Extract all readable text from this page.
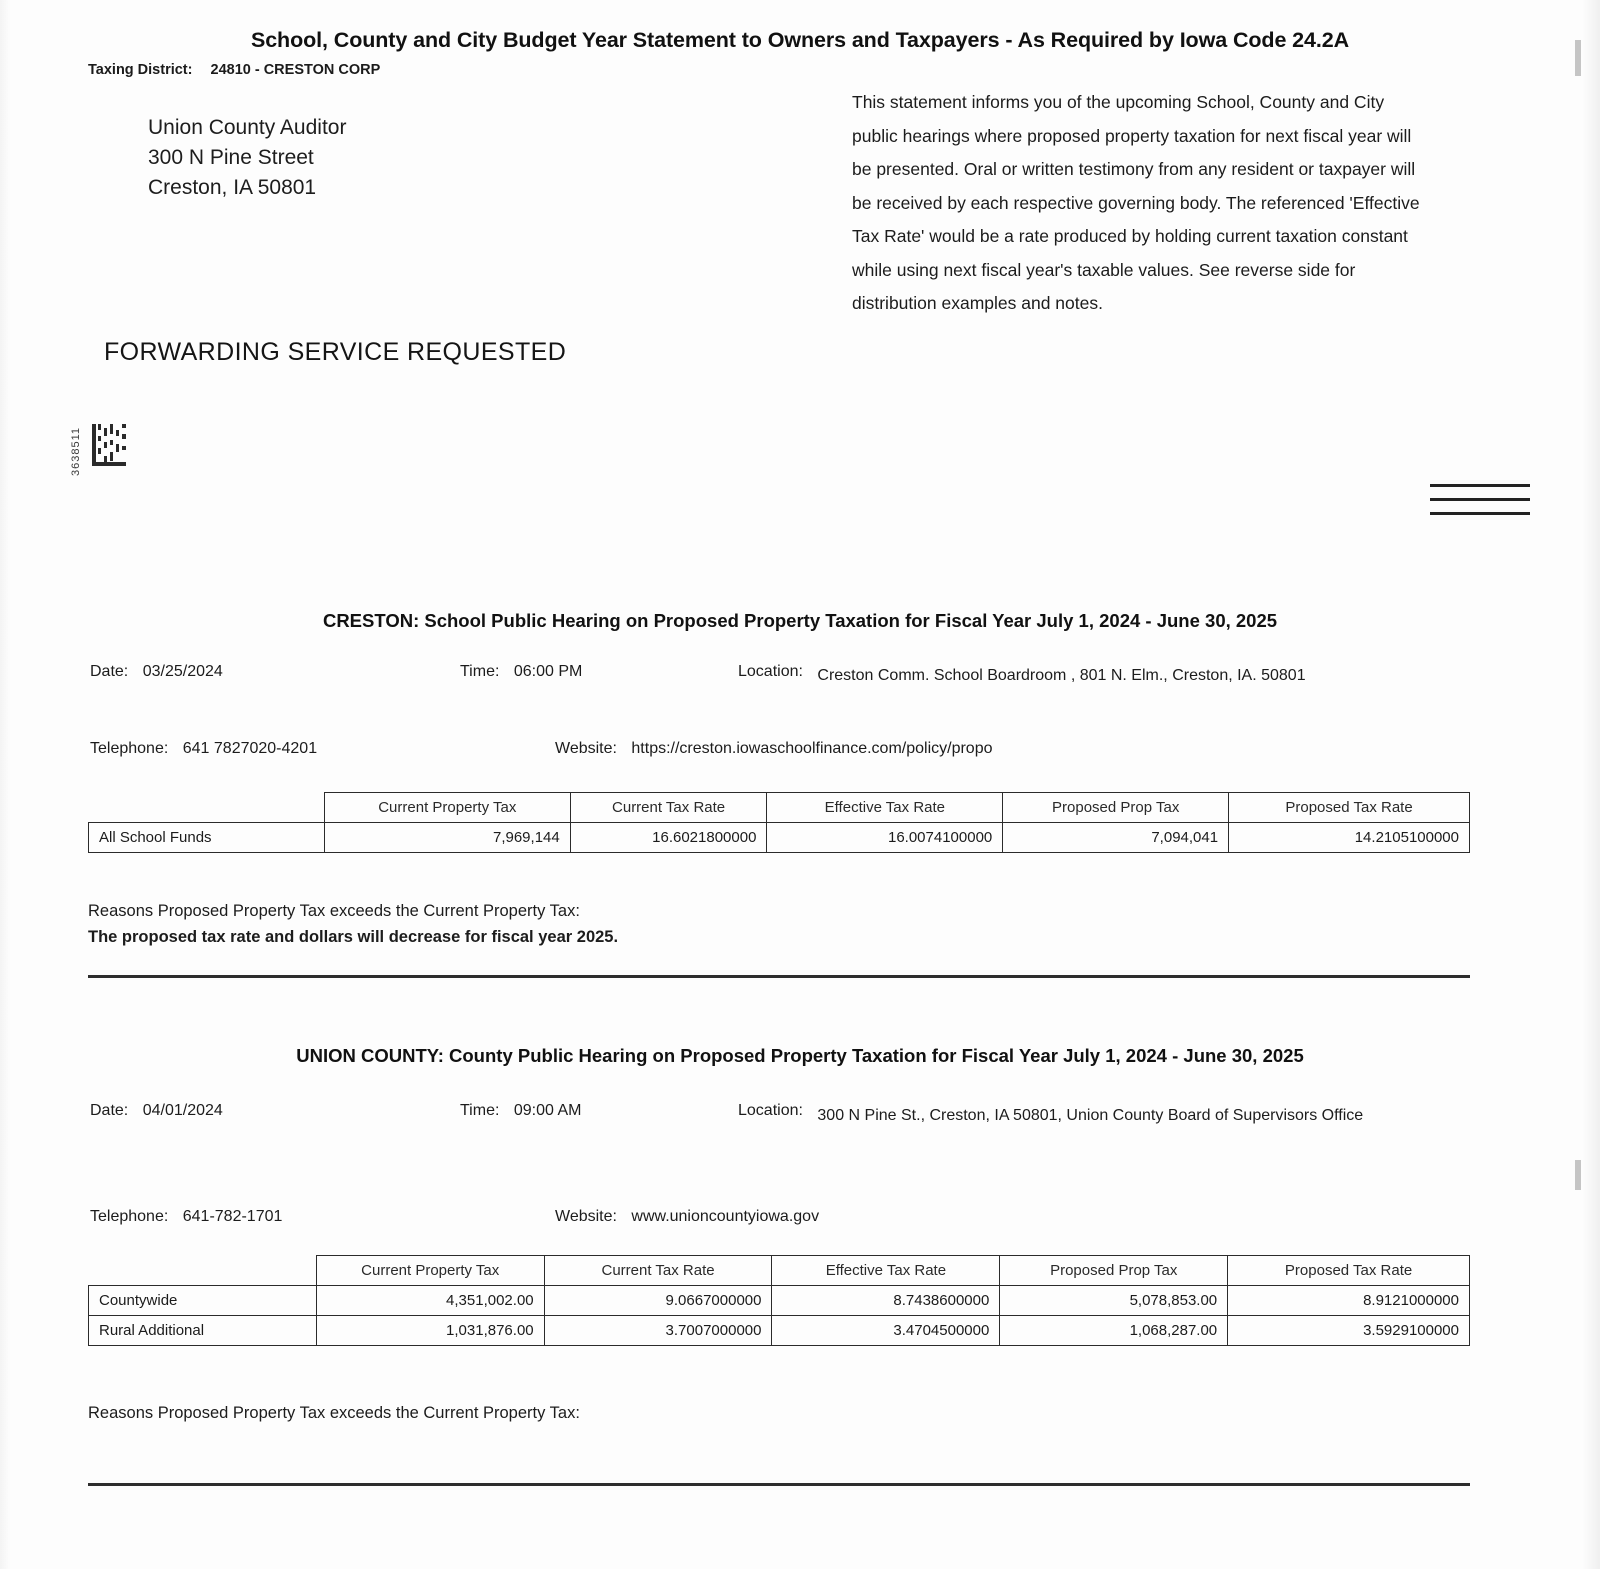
School, County and City Budget Year Statement to Owners and Taxpayers - As Required by Iowa Code 24.2A
Taxing District: 24810 - CRESTON CORP
Union County Auditor
300 N Pine Street
Creston, IA 50801
FORWARDING SERVICE REQUESTED
3638511
This statement informs you of the upcoming School, County and City public hearings where proposed property taxation for next fiscal year will be presented. Oral or written testimony from any resident or taxpayer will be received by each respective governing body. The referenced 'Effective Tax Rate' would be a rate produced by holding current taxation constant while using next fiscal year's taxable values. See reverse side for distribution examples and notes.
CRESTON: School Public Hearing on Proposed Property Taxation for Fiscal Year July 1, 2024 - June 30, 2025
Date: 03/25/2024	Time: 06:00 PM	Location: Creston Comm. School Boardroom , 801 N. Elm., Creston, IA. 50801
Telephone: 641 7827020-4201	Website: https://creston.iowaschoolfinance.com/policy/propo
	Current Property Tax	Current Tax Rate	Effective Tax Rate	Proposed Prop Tax	Proposed Tax Rate
All School Funds	7,969,144	16.6021800000	16.0074100000	7,094,041	14.2105100000
Reasons Proposed Property Tax exceeds the Current Property Tax:
The proposed tax rate and dollars will decrease for fiscal year 2025.
UNION COUNTY: County Public Hearing on Proposed Property Taxation for Fiscal Year July 1, 2024 - June 30, 2025
Date: 04/01/2024	Time: 09:00 AM	Location: 300 N Pine St., Creston, IA 50801, Union County Board of Supervisors Office
Telephone: 641-782-1701	Website: www.unioncountyiowa.gov
	Current Property Tax	Current Tax Rate	Effective Tax Rate	Proposed Prop Tax	Proposed Tax Rate
Countywide	4,351,002.00	9.0667000000	8.7438600000	5,078,853.00	8.9121000000
Rural Additional	1,031,876.00	3.7007000000	3.4704500000	1,068,287.00	3.5929100000
Reasons Proposed Property Tax exceeds the Current Property Tax:
